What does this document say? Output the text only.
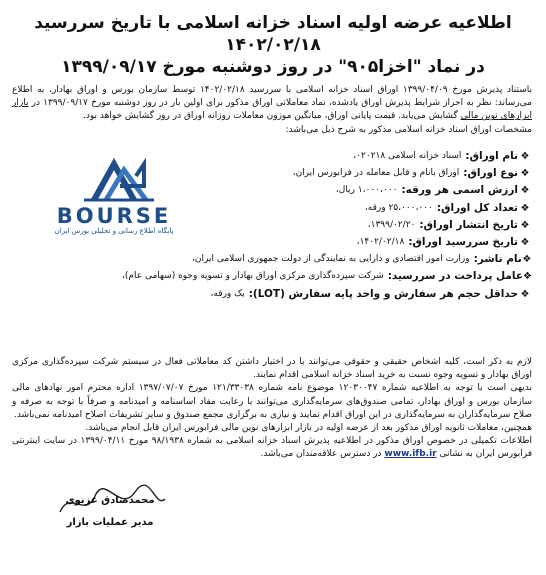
اطلاعیه عرضه اولیه اسناد خزانه اسلامی با تاریخ سررسید ۱۴۰۲/۰۲/۱۸
در نماد "اخزا۹۰۵" در روز دوشنبه مورخ ۱۳۹۹/۰۹/۱۷
باستناد پذیرش مورخ ۱۳۹۹/۰۴/۰۹ اوراق اسناد خزانه اسلامی با سررسید ۱۴۰۲/۰۲/۱۸ توسط سازمان بورس و اوراق بهادار، به اطلاع می‌رساند: نظر به احراز شرایط پذیرش اوراق یادشده، نماد معاملاتی اوراق مذکور برای اولین بار در روز دوشنبه مورخ ۱۳۹۹/۰۹/۱۷ در بازار ابزارهای نوین مالی گشایش می‌یابد. قیمت پایانی اوراق، میانگین موزون معاملات روزانه اوراق در روز گشایش خواهد بود.
مشخصات اوراق اسناد خزانه اسلامی مذکور به شرح ذیل می‌باشد:
BOURSE
پایگاه اطلاع رسانی و تحلیلی بورس ایران
❖
نام اوراق:
اسناد خزانه اسلامی ۰۲۰۲۱۸،
❖
نوع اوراق:
اوراق بانام و قابل معامله در فرابورس ایران،
❖
ارزش اسمی هر ورقه:
۱،۰۰۰،۰۰۰ ریال،
❖
تعداد کل اوراق:
۲۵،۰۰۰،۰۰۰ ورقه،
❖
تاریخ انتشار اوراق:
۱۳۹۹/۰۲/۲۰،
❖
تاریخ سررسید اوراق:
۱۴۰۲/۰۲/۱۸،
❖
نام ناشر:
وزارت امور اقتصادی و دارایی به نمایندگی از دولت جمهوری اسلامی ایران،
❖
عامل پرداخت در سررسید:
شرکت سپرده‌گذاری مرکزی اوراق بهادار و تسویه وجوه (سهامی عام)،
❖
حداقل حجم هر سفارش و واحد پایه سفارش (LOT):
یک ورقه،

لازم به ذکر است، کلیه اشخاص حقیقی و حقوقی می‌توانند با در اختیار داشتن کد معاملاتی فعال در سیستم شرکت سپرده‌گذاری مرکزی اوراق بهادار و تسویه وجوه نسبت به خرید اسناد خزانه اسلامی اقدام نمایند.

بدیهی است با توجه به اطلاعیه شماره ۱۲۰۳۰۰۴۷ موضوع نامه شماره ۱۲۱/۳۳۰۳۸ مورخ ۱۳۹۷/۰۷/۰۷ اداره محترم امور نهادهای مالی سازمان بورس و اوراق بهادار، تمامی صندوق‌های سرمایه‌گذاری می‌توانند با رعایت مفاد اساسنامه و امیدنامه و صرفاً با توجه به صرفه و صلاح سرمایه‌گذاران به سرمایه‌گذاری در این اوراق اقدام نمایند و نیازی به برگزاری مجمع صندوق و سایر تشریفات اصلاح امیدنامه نمی‌باشد.

همچنین، معاملات ثانویه اوراق مذکور بعد از عرضه اولیه در بازار ابزارهای نوین مالی فرابورس ایران قابل انجام می‌باشد.

اطلاعات تکمیلی در خصوص اوراق مذکور در اطلاعیه پذیرش اسناد خزانه اسلامی به شماره ۹۸/۱۹۳۸ مورخ ۱۳۹۹/۰۴/۱۱ در سایت اینترنتی فرابورس ایران به نشانی www.ifb.ir در دسترس علاقه‌مندان می‌باشد.

محمدصادق عزنوی
مدیر عملیات بازار
